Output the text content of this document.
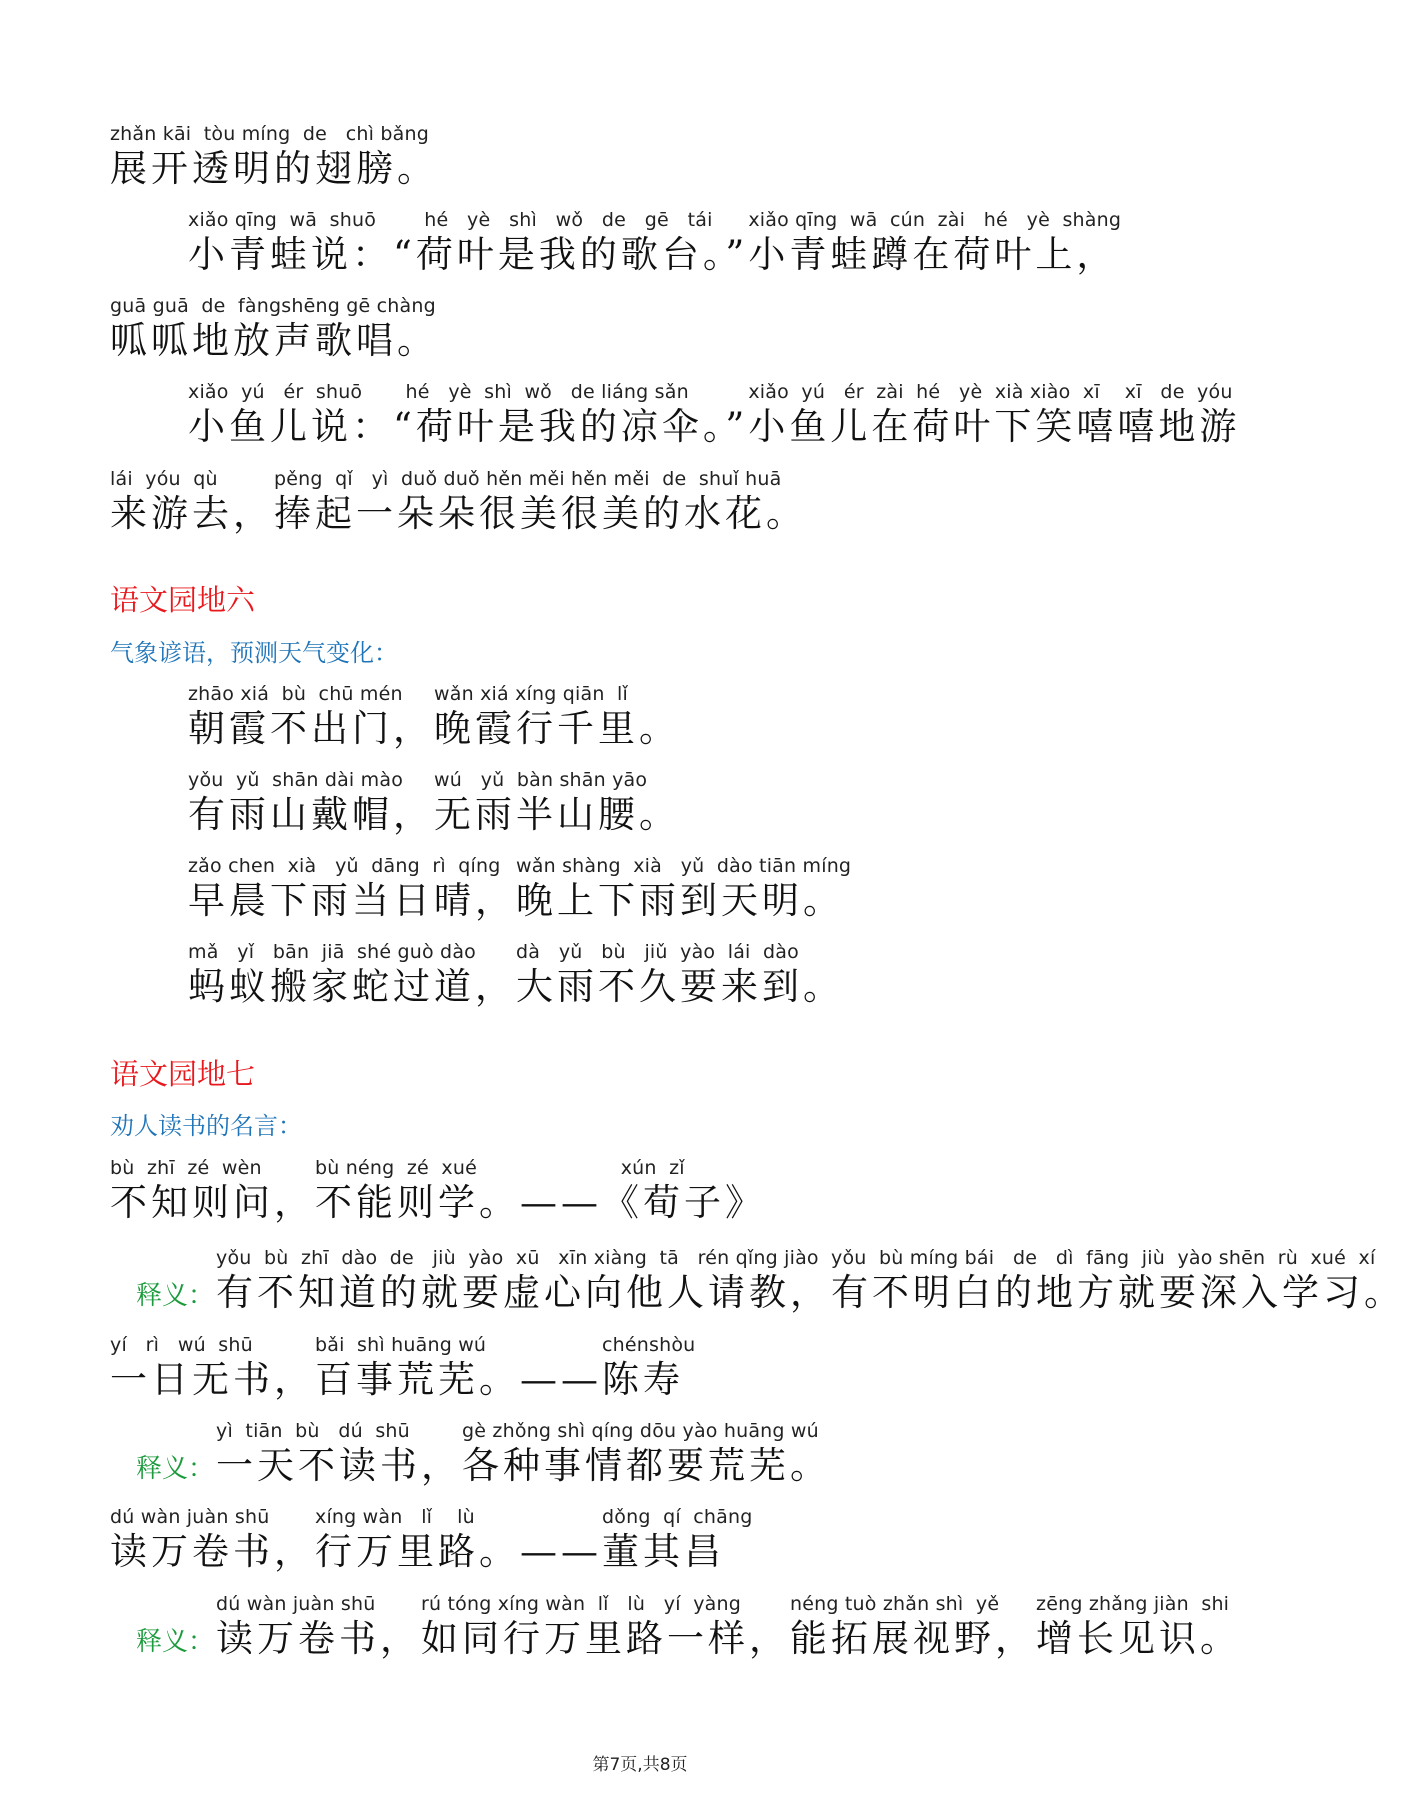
zhǎn kāi  tòu míng  de   chì bǎng
展开透明的翅膀。
xiǎo qīng  wā  shuō
小青蛙说：
hé   yè   shì   wǒ   de   gē   tái
“荷叶是我的歌台。”
xiǎo qīng  wā  cún  zài   hé   yè  shàng
小青蛙蹲在荷叶上，
guā guā  de  fàngshēng gē chàng
呱呱地放声歌唱。
xiǎo  yú   ér  shuō
小鱼儿说：
hé   yè  shì  wǒ   de liáng sǎn
“荷叶是我的凉伞。”
xiǎo  yú   ér  zài  hé   yè  xià xiào  xī    xī   de  yóu
小鱼儿在荷叶下笑嘻嘻地游
lái  yóu  qù
来游去，
pěng  qǐ   yì  duǒ duǒ hěn měi hěn měi  de  shuǐ huā
捧起一朵朵很美很美的水花。
语文园地六
气象谚语，预测天气变化：
zhāo xiá  bù  chū mén
朝霞不出门，
wǎn xiá xíng qiān  lǐ
晚霞行千里。
yǒu  yǔ  shān dài mào
有雨山戴帽，
wú   yǔ  bàn shān yāo
无雨半山腰。
zǎo chen  xià   yǔ  dāng  rì  qíng
早晨下雨当日晴，
wǎn shàng  xià   yǔ  dào tiān míng
晚上下雨到天明。
mǎ   yǐ   bān  jiā  shé guò dào
蚂蚁搬家蛇过道，
dà   yǔ   bù   jiǔ  yào  lái  dào
大雨不久要来到。
语文园地七
劝人读书的名言：
bù  zhī  zé  wèn
不知则问，
bù néng  zé  xué
不能则学。 ——
xún  zǐ
《荀子》
释义：
yǒu  bù  zhī  dào  de   jiù  yào  xū   xīn xiàng  tā   rén qǐng jiào
有不知道的就要虚心向他人请教，
yǒu  bù míng bái   de   dì  fāng  jiù  yào shēn  rù  xué  xí
有不明白的地方就要深入学习。
yí   rì   wú  shū
一日无书，
bǎi  shì huāng wú
百事荒芜。 ——
chénshòu
陈寿
释义：
yì  tiān  bù   dú  shū
一天不读书，
gè zhǒng shì qíng dōu yào huāng wú
各种事情都要荒芜。
dú wàn juàn shū
读万卷书，
xíng wàn   lǐ    lù
行万里路。 ——
dǒng  qí  chāng
董其昌
释义：
dú wàn juàn shū
读万卷书，
rú tóng xíng wàn  lǐ   lù   yí  yàng
如同行万里路一样，
néng tuò zhǎn shì  yě
能拓展视野，
zēng zhǎng jiàn  shi
增长见识。
第7页,共8页
